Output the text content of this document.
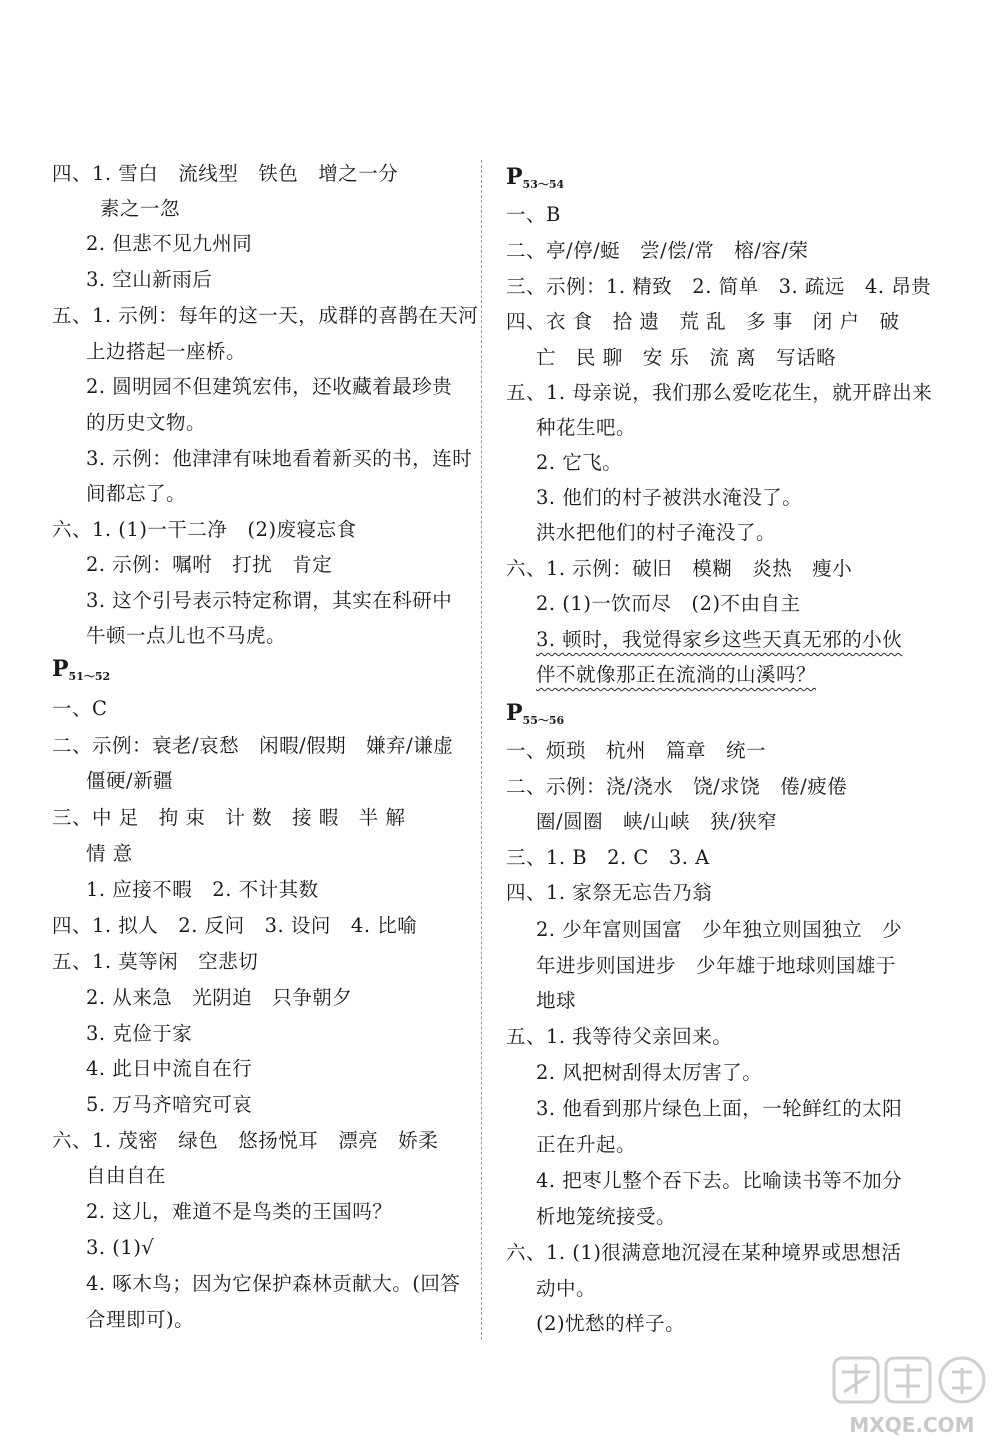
四、1. 雪白　流线型　铁色　增之一分
素之一忽
2. 但悲不见九州同
3. 空山新雨后
五、1. 示例：每年的这一天，成群的喜鹊在天河
上边搭起一座桥。
2. 圆明园不但建筑宏伟，还收藏着最珍贵
的历史文物。
3. 示例：他津津有味地看着新买的书，连时
间都忘了。
六、1. (1)一干二净　(2)废寝忘食
2. 示例：嘱咐　打扰　肯定
3. 这个引号表示特定称谓，其实在科研中
牛顿一点儿也不马虎。
$P_{51\sim 52}$
一、C
二、示例：衰老/哀愁　闲暇/假期　嫌弃/谦虚
僵硬/新疆
三、中 足　拘 束　计 数　接 暇　半 解
情 意
1. 应接不暇　2. 不计其数
四、1. 拟人　2. 反问　3. 设问　4. 比喻
五、1. 莫等闲　空悲切
2. 从来急　光阴迫　只争朝夕
3. 克俭于家
4. 此日中流自在行
5. 万马齐喑究可哀
六、1. 茂密　绿色　悠扬悦耳　漂亮　娇柔
自由自在
2. 这儿，难道不是鸟类的王国吗？
3. (1)√
4. 啄木鸟；因为它保护森林贡献大。(回答
合理即可)。
$P_{53\sim 54}$
一、B
二、亭/停/蜓　尝/偿/常　榕/容/荣
三、示例：1. 精致　2. 简单　3. 疏远　4. 昂贵
四、衣 食　拾 遗　荒 乱　多 事　闭 户　破
亡　民 聊　安 乐　流 离　写话略
五、1. 母亲说，我们那么爱吃花生，就开辟出来
种花生吧。
2. 它飞。
3. 他们的村子被洪水淹没了。
洪水把他们的村子淹没了。
六、1. 示例：破旧　模糊　炎热　瘦小
2. (1)一饮而尽　(2)不由自主
3. 顿时，我觉得家乡这些天真无邪的小伙
伴不就像那正在流淌的山溪吗？
$P_{55\sim 56}$
一、烦琐　杭州　篇章　统一
二、示例：浇/浇水　饶/求饶　倦/疲倦
圈/圆圈　峡/山峡　狭/狭窄
三、1. B　2. C　3. A
四、1. 家祭无忘告乃翁
2. 少年富则国富　少年独立则国独立　少
年进步则国进步　少年雄于地球则国雄于
地球
五、1. 我等待父亲回来。
2. 风把树刮得太厉害了。
3. 他看到那片绿色上面，一轮鲜红的太阳
正在升起。
4. 把枣儿整个吞下去。比喻读书等不加分
析地笼统接受。
六、1. (1)很满意地沉浸在某种境界或思想活
动中。
(2)忧愁的样子。
MXQE.COM
